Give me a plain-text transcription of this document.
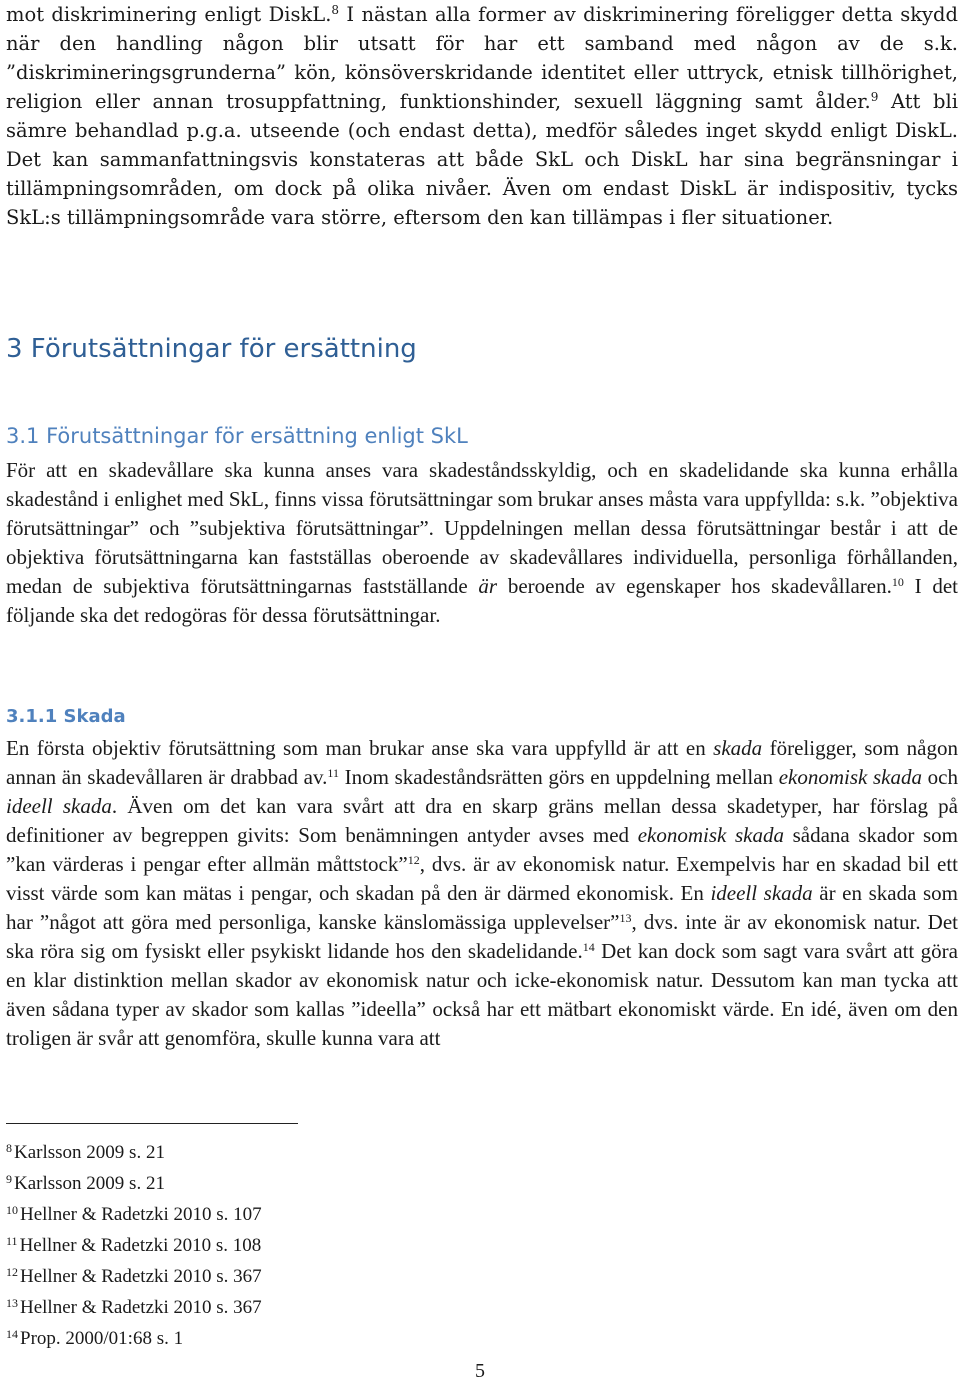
mot diskriminering enligt DiskL.$^8$ I nästan alla former av diskriminering föreligger detta skydd när den handling någon blir utsatt för har ett samband med någon av de s.k. ”diskrimineringsgrunderna” kön, könsöverskridande identitet eller uttryck, etnisk tillhörighet, religion eller annan trosuppfattning, funktionshinder, sexuell läggning samt ålder.$^9$ Att bli sämre behandlad p.g.a. utseende (och endast detta), medför således inget skydd enligt DiskL. Det kan sammanfattningsvis konstateras att både SkL och DiskL har sina begränsningar i tillämpningsområden, om dock på olika nivåer. Även om endast DiskL är indispositiv, tycks SkL:s tillämpningsområde vara större, eftersom den kan tillämpas i fler situationer.

3 Förutsättningar för ersättning
3.1 Förutsättningar för ersättning enligt SkL

För att en skadevållare ska kunna anses vara skadeståndsskyldig, och en skadelidande ska kunna erhålla skadestånd i enlighet med SkL, finns vissa förutsättningar som brukar anses måsta vara uppfyllda: s.k. ”objektiva förutsättningar” och ”subjektiva förutsättningar”. Uppdelningen mellan dessa förutsättningar består i att de objektiva förutsättningarna kan fastställas oberoende av skadevållares individuella, personliga förhållanden, medan de subjektiva förutsättningarnas fastställande är beroende av egenskaper hos skadevållaren.$^{10}$ I det följande ska det redogöras för dessa förutsättningar.

3.1.1 Skada

En första objektiv förutsättning som man brukar anse ska vara uppfylld är att en skada föreligger, som någon annan än skadevållaren är drabbad av.$^{11}$ Inom skadeståndsrätten görs en uppdelning mellan ekonomisk skada och ideell skada. Även om det kan vara svårt att dra en skarp gräns mellan dessa skadetyper, har förslag på definitioner av begreppen givits: Som benämningen antyder avses med ekonomisk skada sådana skador som ”kan värderas i pengar efter allmän måttstock”$^{12}$, dvs. är av ekonomisk natur. Exempelvis har en skadad bil ett visst värde som kan mätas i pengar, och skadan på den är därmed ekonomisk. En ideell skada är en skada som har ”något att göra med personliga, kanske känslomässiga upplevelser”$^{13}$, dvs. inte är av ekonomisk natur. Det ska röra sig om fysiskt eller psykiskt lidande hos den skadelidande.$^{14}$ Det kan dock som sagt vara svårt att göra en klar distinktion mellan skador av ekonomisk natur och icke-ekonomisk natur. Dessutom kan man tycka att även sådana typer av skador som kallas ”ideella” också har ett mätbart ekonomiskt värde. En idé, även om den troligen är svår att genomföra, skulle kunna vara att

$^8$ Karlsson 2009 s. 21
$^9$ Karlsson 2009 s. 21
$^{10}$ Hellner & Radetzki 2010 s. 107
$^{11}$ Hellner & Radetzki 2010 s. 108
$^{12}$ Hellner & Radetzki 2010 s. 367
$^{13}$ Hellner & Radetzki 2010 s. 367
$^{14}$ Prop. 2000/01:68 s. 1
5
